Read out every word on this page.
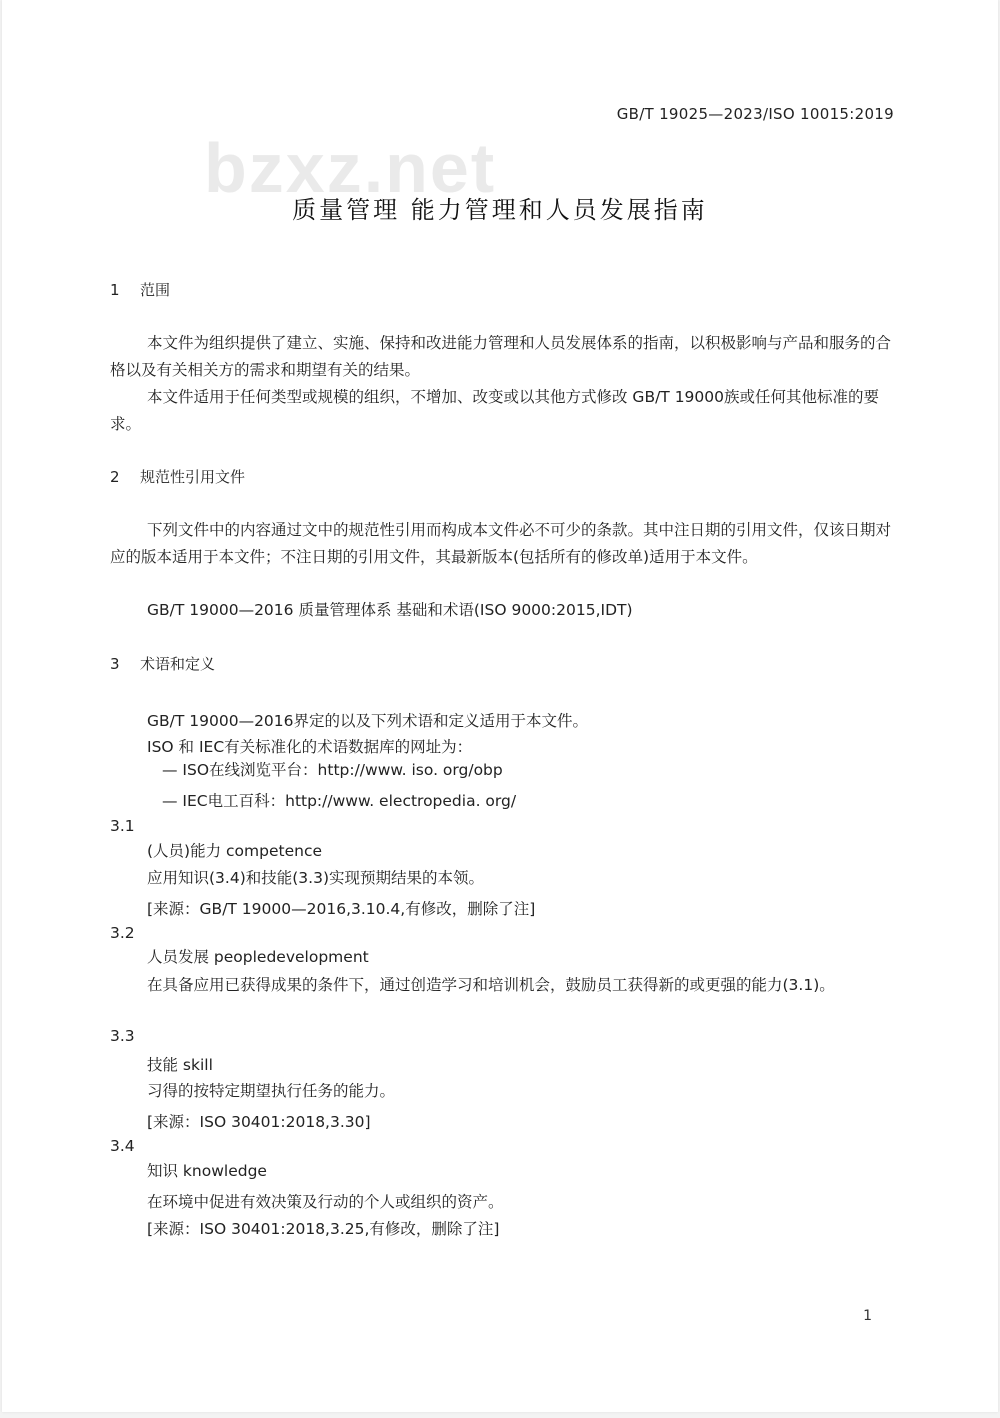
GB/T 19025—2023/ISO 10015:2019
bzxz.net
质量管理 能力管理和人员发展指南
1 范围
本文件为组织提供了建立、实施、保持和改进能力管理和人员发展体系的指南，以积极影响与产品和服务的合格以及有关相关方的需求和期望有关的结果。
本文件适用于任何类型或规模的组织，不增加、改变或以其他方式修改 GB/T 19000族或任何其他标准的要求。
2 规范性引用文件
下列文件中的内容通过文中的规范性引用而构成本文件必不可少的条款。其中注日期的引用文件，仅该日期对应的版本适用于本文件；不注日期的引用文件，其最新版本(包括所有的修改单)适用于本文件。
GB/T 19000—2016 质量管理体系 基础和术语(ISO 9000:2015,IDT)
3 术语和定义
GB/T 19000—2016界定的以及下列术语和定义适用于本文件。
ISO 和 IEC有关标准化的术语数据库的网址为：
— ISO在线浏览平台：http://www. iso. org/obp
— IEC电工百科：http://www. electropedia. org/
3.1
(人员)能力 competence
应用知识(3.4)和技能(3.3)实现预期结果的本领。
[来源：GB/T 19000—2016,3.10.4,有修改，删除了注]
3.2
人员发展 peopledevelopment
在具备应用已获得成果的条件下，通过创造学习和培训机会，鼓励员工获得新的或更强的能力(3.1)。
3.3
技能 skill
习得的按特定期望执行任务的能力。
[来源：ISO 30401:2018,3.30]
3.4
知识 knowledge
在环境中促进有效决策及行动的个人或组织的资产。
[来源：ISO 30401:2018,3.25,有修改，删除了注]
1
